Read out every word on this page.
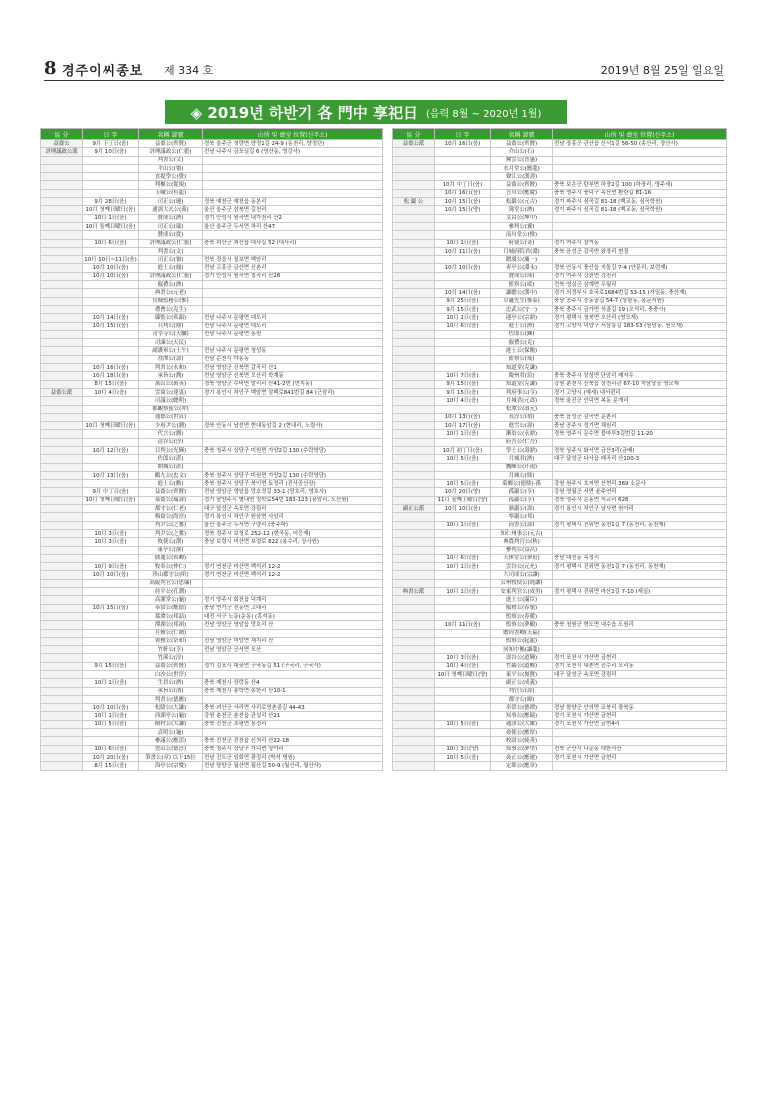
8 경주이씨종보 제 334 호	2019년 8월 25일 일요일
◈ 2019년 하반기 各 門中 享祀日 (음력 8월 ~ 2020년 1월)
區 分	日 字	名稱 諱號	山所 및 齋室 位置(신주소)
益齋公	9月 下丁日(음)	益齋公(齊賢)	경북 울주군 청량면 양정1길 24-9 (동천리, 양정단)
評理議政公派	9月 10日(음)	評理議政公(仁挺)	전남 나주시 금포실길 6 (영산동, 영강사)
		判書公(文)	
		平山公(嶺)	
		直提學公(覺)	
		判樞公(從規)	
		玉峨公(有龍)	
	9月 28日(음)	司正公(璉)	경북 예천군 예천읍 동본리
	10月 첫째日曜日(음)	通訓大夫公(義)	울산 울주군 삼북면 길천리
	10月 1日(음)	贊成公(濟)	경기 안성시 원곡면 내가천리 산2
	10月 둘째日曜日(음)	司正公(瑞)	울산 울주군 두서면 차리 산47
		贊成公(從)	
	10月 6日(음)	評理議政公(仁挺)	충북 괴산군 괴산읍 대사길 52 (대사리)
		判書公(文)	
	10月 10日~11日(음)	司正公(嶺)	전북 정읍시 칠보면 백암리
	10月 10日(음)	進士公(鳳)	전남 고흥군 금산면 신촌리
	10月 10日(음)	評理議政公(仁挺)	경기 안성시 원곡면 칠곡리 산28
		叡禮公(濟)	
		典書公(元老)	
		長城監務公(惟)	
		禮曹公(克生)	
	10月 14日(음)	縣監公(希顔)	전남 나주시 문평면 대도리
	10月 15日(음)	兵判公(鼎)	전남 나주시 문평면 대도리
		司宰寺公(天驥)	전남 나주시 문평면 동원
		司諫公(天民)	
		副護軍公(士午)	전남 나주시 문평면 청성동
		澄潭公(壽)	전남 순천시 야흥동
	10月 16日(음)	判書公(永和)	전남 영암군 신북면 갈곡리 산1
	10月 18日(음)	承旨公(潤)	전남 영암군 신북면 모산리 학계동
	8月 15日(음)	萬山公(萬英)	경북 영양군 수비면 발리리 산41-2번 (먼지동)
益齋公派	10月 4日(음)	雲窩公(達衷)	경기 용인시 처인구 백암면 삼백로841번길 84 (근삼리)
		司議公(聰明)	
		都觀察使公(冲)	
		通德公(世貞)	
	10月 첫째日曜日(음)	少府尹公(潤)	경북 안동시 남선면 현내동암길 2 (현내리, 노림사)
		代言公(潤)	
		清谷公(淳)	
	10月 12日(음)	目判公(光輝)	충북 청주시 상당구 미원면 가양2길 130 (수락영당)
		佐郎公(湛)	
		開城公(湛)	
	10月 13日(음)	鶴九公(忠文)	충북 청주시 상당구 미원면 가양2길 130 (수락영당)
		進士公(勳)	충북 청주시 상당구 북이면 토정리 (진사공산장)
	9月 中丁日(음)	益齋公(齊賢)	전남 영암군 영암읍 망호정길 33-1 (망호리, 영호사)
	10月 첫째日曜日(음)	慕齋公(瑞壽)	경기 남양주시 별내면 청학로54번 183-123 (용암리, 도산원)
		都守公(仁老)	대구 달성군 옥포면 강림리
		梅窩公(尚淳)	경기 용인시 처인구 원삼면 사암리
		判尹公(之奮)	울산 울주군 두서면 구량리 (충주파)
	10月 3日(음)	判尹公(之奮)	경북 경주시 보청로 252-12 (현곡동, 어등재)
	10月 3日(음)	牧使公(瀷)	충남 보령시 미산면 보령로 822 (용수리, 상사원)
		東亭公(瀷)	
		儒通公(希卿)	
	10月 9日(음)	牧奉公(仲仁)	경기 연천군 미산면 백석리 12-2
	10月 10日(음)	珍山郡守公(昕)	경기 연천군 미산면 백석리 12-2
		高陵判官公(思廉)	
		持平公(孔潤)	
		高潔堂公(龜)	경기 양주시 회천읍 덕계리
	10月 15日(음)	奉常公(應德)	충남 연기군 전동면 고대리
		慕潭公(邦喆)	대전 서구 노동(운동) (흑석동)
		潭湖公(邦禎)	전남 영암군 영암읍 망호리 산
		月雅公(仁潤)	
		喪雅公(奈和)	전남 영암군 미암면 채지리 산
		竹軒公(亨)	전남 영암군 군서면 모산
		竹溪公(淳)	
	9月 15日(음)	益齋公(齊賢)	경기 김포시 대곶면 구국동길 51 (구국리, 구국사)
		白沙公(世淳)	
	10月 1日(음)	生員公(濟)	충북 제천시 장락동 산4
		承旨公(渻)	충북 제천시 송학면 송한리 산10-1
		判書公(德應)	
	10月 10日(음)	松陰公(大謙)	충북 괴산군 사리면 사리로영촌골길 44-43
	10月 1日(음)	西湖亭公(龜)	강원 춘천군 춘천읍 관설리 산21
	10月 5日(음)	樹村公(大謙)	충북 진천군 초평면 용정리
		貞明公(龜)	
		參議公(應澐)	충북 진천군 진천읍 신척리 산22-18
	10月 6日(음)	豊山公(德淳)	충북 청주시 상당구 가덕면 상야리
	10月 20日(음)	筆書公(章) 以下15位	전남 진도군 임회면 광정리 (박석 명원)
	8月 15日(음)	海亭公(宗燮)	전남 담양군 월산면 월산길 50-9 (월산리, 월산사)
區 分	日 字	名稱 諱號	山所 및 齋室 位置(신주소)
益齋公派	10月 16日(음)	益齋公(齊賢)	전남 장흥군 관산읍 신서1길 56-50 (송산리, 장산사)
		介山公(石)	
		鷺雲公(普惠)	
		水月堂公(應龍)	
		聲江公(漢壽)	
	10月 中丁日(음)	益齋公(齊賢)	충북 보은군 탄부면 하장2길 100 (하장리, 영주세)
	10月 16日(음)	吾川公(應慶)	충북 영주시 풍덕구 옥산면 환란길 81-16
松 巖 公	10月 15日(음)	松巖公(元吉)	경기 파주시 심곡길 81-18 (백교동, 심곡학원)
	10月 15日(양)	簿堂公(濟)	경기 파주시 심곡길 81-18 (백교동, 심곡학원)
		文昌公(坤中)	
		參判公(翼)	
		南川堂公(惟)	
	10月 1日(음)	府使公(奇)	경기 여주시 삼거동
	10月 11日(음)	月城府院君(淵)	충북 음성군 감곡면 왕장리 현절
		贈虞公(墉一)	
	10月 10日(음)	靑亭公(淵永)	경북 안동시 풍산읍 지돌길 7-4 (안문리, 보련재)
		贊成公(琰)	경기 여주시 강천면 강천리
		監察公(瑗)	전북 영실군 삼계면 두월리
	10月 14日(음)	謙聰公(漢中)	경기 의정부시 호국로1684번길 53-15 (자일동, 충산재)
	9月 25日(음)	草廬先生(惟泰)	충남 공주시 중동골길 54-7 (상왕동, 용문서원)
	9月 15日(음)	忠武公(守一)	충북 충주시 금가면 석골길 19 (오석리, 충충사)
	10月 1日(음)	運亭公(宗鼎)	경기 평택시 청북면 오산리 (영모재)
	10月 6日(음)	進士公(濟)	경기 고양시 덕양구 서삼릉길 183-53 (원당동, 원모재)
		佐郎公(鍊)	
		叡禮公(克)	
		進士公(保衡)	
		監察公(戒)	
		知道堂(克謙)	
	10月 7日(음)	慶州君(瑄)	충북 충주시 앙성면 단암리 매자우
	9月 15日(음)	知道堂(克謙)	강원 춘천시 신북읍 상천리관 67-10 지담당공 영모재
	9月 15日(음)	判府事公(亨)	경기 고양시 (예세) 내서편리
	10月 4日(음)	月城君(元壽)	경북 울진군 인덕면 복동 문개리
		松潭公(壽元)	
	10月 13日(음)	長淳公(禧)	충북 음성군 감곡면 문촌리
	10月 17日(음)	進雪公(壽)	충남 공주시 정기면 채원리
	10月 1日(음)	漸翁公(永鼎)	경북 영주시 문수면 풀마루3길번길 11-20
		府吾公(仁吾)	
	10月 初丁日(음)	學士公(壽鼎)	경북 상주시 화서면 금산3리(금배)
	10月 5日(음)	月城君(濟)	대구 달성군 다사읍 매곡리 산100-3
		鷹峰公(升雨)	
		月城公(鼎)	
	10月 5日(음)	菊鄉公(德鼎)-孫	강원 원주시 호저면 산현리 369 소문사
	10月 20日(양)	孤巖公(亨)	강원 영월군 서면 윤주연리
	11月 둘째土曜日(양)	孤巖公(亨)	경북 영주시 순흥면 석교리 626
副正公派	10月 10日(음)	孰巖公(壽)	경기 용인시 처인구 남사면 원아리
		寧巖公(邦)	
	10月 1日(음)	尙書公(壽)	경기 평택시 진위면 동천1길 7 (동천리, 동천재)
		知仁州事公(元吉)	
		典農判官公(秋)	
		參判公(益昌)	
	10月 6日(음)	天休堂公(夢瑄)	충남 대전동 목정리
	10月 1日(음)	雲谷公(元允)	경기 평택시 진위면 동천1길 7 (동천리, 동천재)
		大司成公(宗讓)	
		公州牧使公(純讓)	
典書公派	10月 1日(음)	安東判官公(成男)	경기 평택시 진위면 마산2길 7-10 (재실)
		進士公(滿臣)	
		叡禮公(春嶺)	
		監察公(春暖)	
	10月 11日(음)	監察公(夢鶴)	충북 청원군 현도면 내수읍 도원리
		贈尙書卿(天福)	
		監察公(起龍)	
		同知中樞(謙龍)	
	10月 3日(음)	壽谷公(道輝)	경기 포천시 가산면 금현리
	10月 4日(음)	竹巖公(道樞)	경기 포천시 내촌면 진수리 오리동
	10月 첫째日曜日(양)	東平公(嶺賢)	대구 달성군 옥포면 강림리
		副正公(成義)	
		判官公(壽)	
		都守公(暐)	
		奉常公(德潭)	경남 함양군 안의면 교북리 광북동
		知事公(應瑞)	경기 포천시 가산면 금현리
	10月 5日(음)	通津公(大雄)	경기 포천시 가산면 금현4리
		僉使公(應厚)	
		校尉公(純善)	
	10月 3日(양)	知事公(夢學)	전북 군산시 나운동 대한사산
	10月 5日(음)	僉正公(應運)	경기 포천시 가산면 금현리
		定郞公(應章)	
